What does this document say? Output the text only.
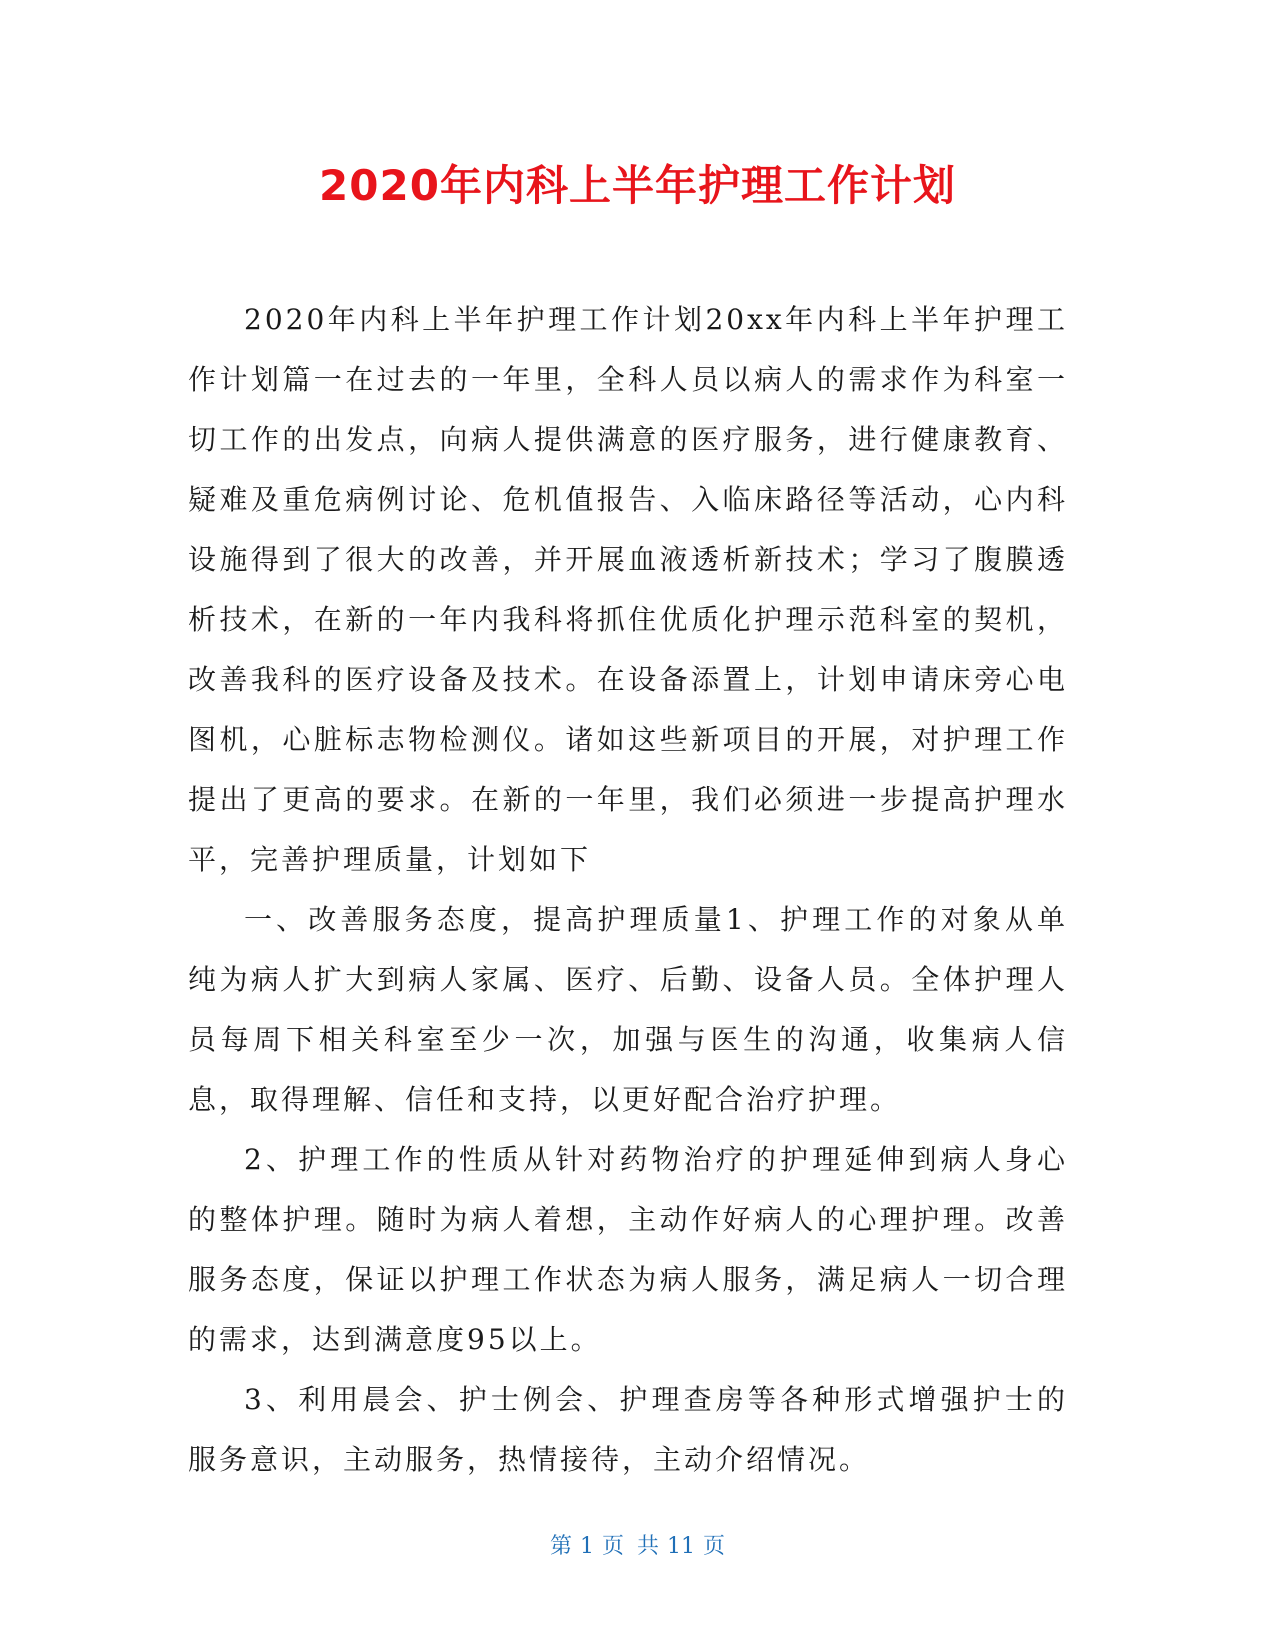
2020年内科上半年护理工作计划

2020年内科上半年护理工作计划20xx年内科上半年护理工作计划篇一在过去的一年里，全科人员以病人的需求作为科室一切工作的出发点，向病人提供满意的医疗服务，进行健康教育、疑难及重危病例讨论、危机值报告、入临床路径等活动，心内科设施得到了很大的改善，并开展血液透析新技术；学习了腹膜透析技术，在新的一年内我科将抓住优质化护理示范科室的契机，改善我科的医疗设备及技术。在设备添置上，计划申请床旁心电图机，心脏标志物检测仪。诸如这些新项目的开展，对护理工作提出了更高的要求。在新的一年里，我们必须进一步提高护理水平，完善护理质量，计划如下

一、改善服务态度，提高护理质量1、护理工作的对象从单纯为病人扩大到病人家属、医疗、后勤、设备人员。全体护理人员每周下相关科室至少一次，加强与医生的沟通，收集病人信息，取得理解、信任和支持，以更好配合治疗护理。

2、护理工作的性质从针对药物治疗的护理延伸到病人身心的整体护理。随时为病人着想，主动作好病人的心理护理。改善服务态度，保证以护理工作状态为病人服务，满足病人一切合理的需求，达到满意度95以上。

3、利用晨会、护士例会、护理查房等各种形式增强护士的服务意识，主动服务，热情接待，主动介绍情况。

第 1 页 共 11 页
